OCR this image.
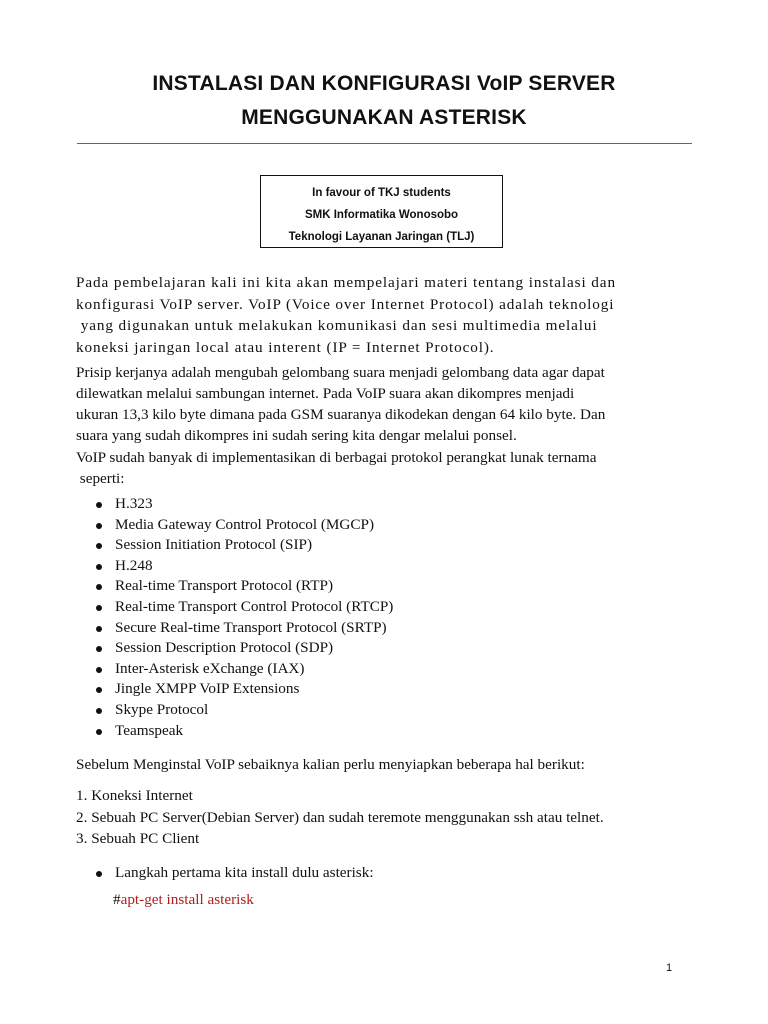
INSTALASI DAN KONFIGURASI VoIP SERVER
MENGGUNAKAN ASTERISK
In favour of TKJ students
SMK Informatika Wonosobo
Teknologi Layanan Jaringan (TLJ)
Pada pembelajaran kali ini kita akan mempelajari materi tentang instalasi dan
konfigurasi VoIP server. VoIP (Voice over Internet Protocol) adalah teknologi
yang digunakan untuk melakukan komunikasi dan sesi multimedia melalui
koneksi jaringan local atau interent (IP = Internet Protocol).
Prisip kerjanya adalah mengubah gelombang suara menjadi gelombang data agar dapat
dilewatkan melalui sambungan internet. Pada VoIP suara akan dikompres menjadi
ukuran 13,3 kilo byte dimana pada GSM suaranya dikodekan dengan 64 kilo byte. Dan
suara yang sudah dikompres ini sudah sering kita dengar melalui ponsel.
VoIP sudah banyak di implementasikan di berbagai protokol perangkat lunak ternama
seperti:
H.323
Media Gateway Control Protocol (MGCP)
Session Initiation Protocol (SIP)
H.248
Real-time Transport Protocol (RTP)
Real-time Transport Control Protocol (RTCP)
Secure Real-time Transport Protocol (SRTP)
Session Description Protocol (SDP)
Inter-Asterisk eXchange (IAX)
Jingle XMPP VoIP Extensions
Skype Protocol
Teamspeak
Sebelum Menginstal VoIP sebaiknya kalian perlu menyiapkan beberapa hal berikut:
1. Koneksi Internet
2. Sebuah PC Server(Debian Server) dan sudah teremote menggunakan ssh atau telnet.
3. Sebuah PC Client
Langkah pertama kita install dulu asterisk:
#apt-get install asterisk
1
